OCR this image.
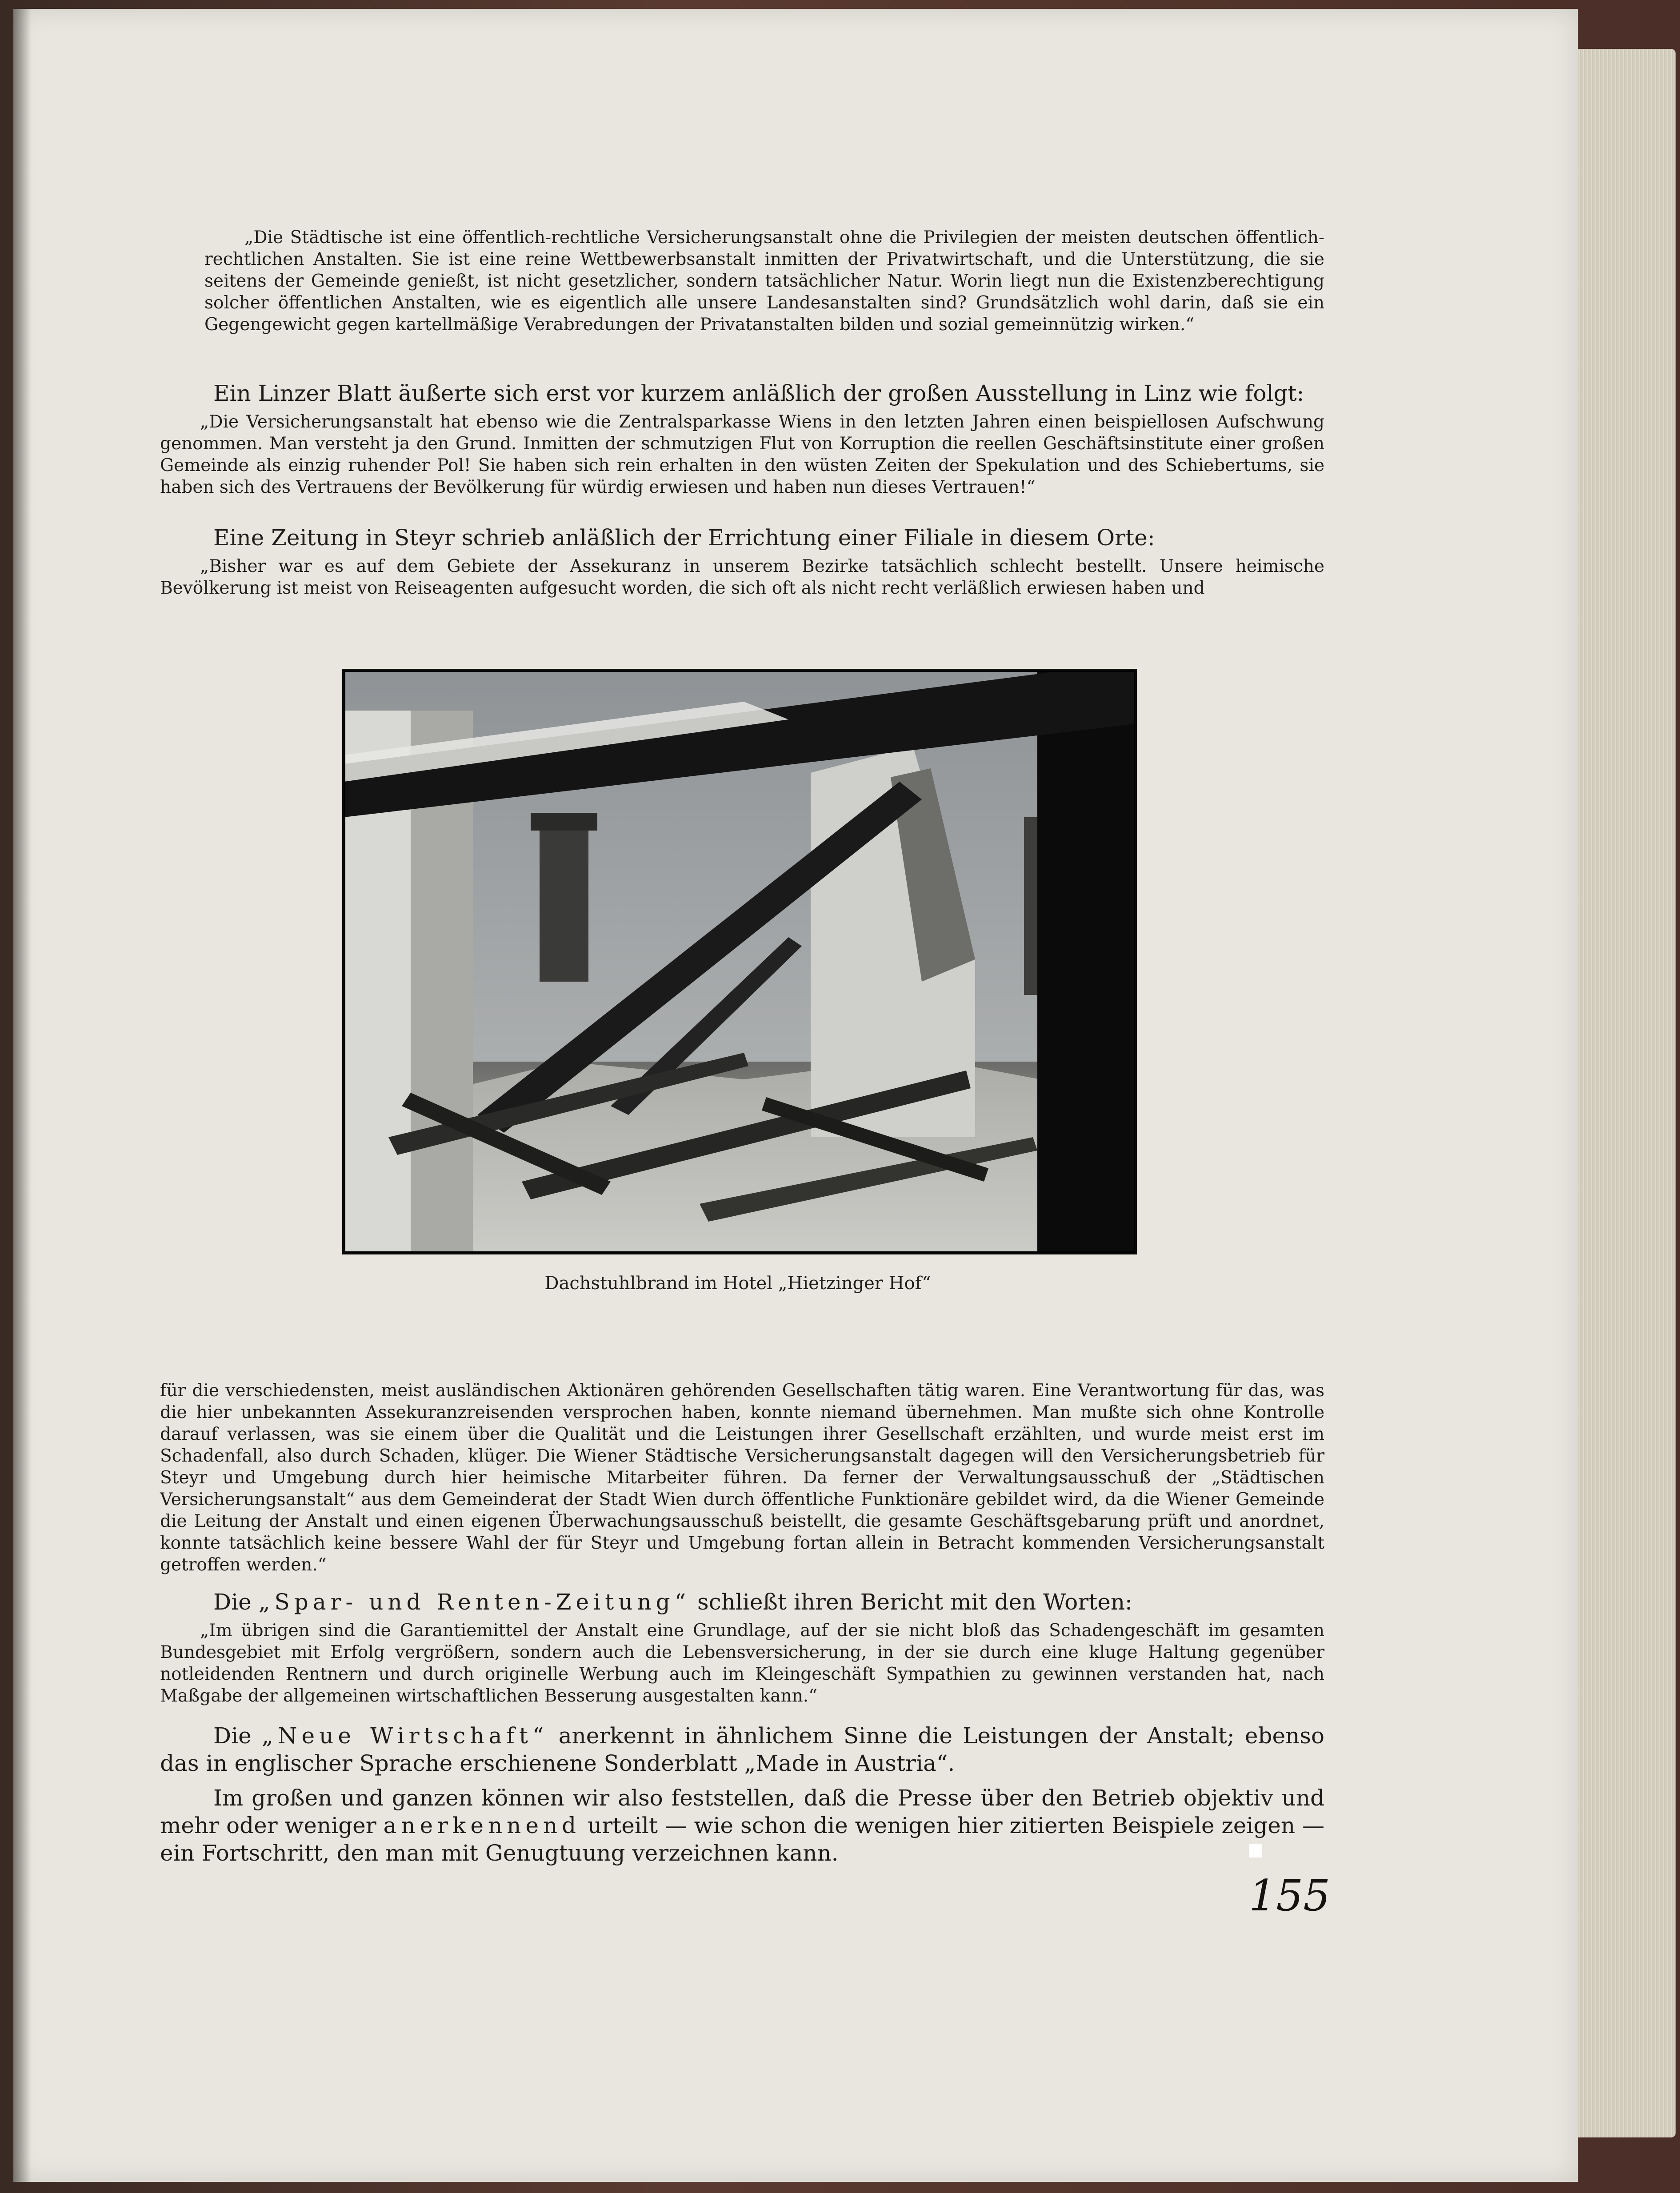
„Die Städtische ist eine öffentlich-rechtliche Versicherungsanstalt ohne die Privilegien der meisten deutschen öffentlich-rechtlichen Anstalten. Sie ist eine reine Wettbewerbsanstalt inmitten der Privatwirtschaft, und die Unterstützung, die sie seitens der Gemeinde genießt, ist nicht gesetzlicher, sondern tatsächlicher Natur. Worin liegt nun die Existenzberechtigung solcher öffentlichen Anstalten, wie es eigentlich alle unsere Landesanstalten sind? Grundsätzlich wohl darin, daß sie ein Gegengewicht gegen kartellmäßige Verabredungen der Privatanstalten bilden und sozial gemeinnützig wirken.“

Ein Linzer Blatt äußerte sich erst vor kurzem anläßlich der großen Ausstellung in Linz wie folgt:

„Die Versicherungsanstalt hat ebenso wie die Zentralsparkasse Wiens in den letzten Jahren einen beispiellosen Aufschwung genommen. Man versteht ja den Grund. Inmitten der schmutzigen Flut von Korruption die reellen Geschäftsinstitute einer großen Gemeinde als einzig ruhender Pol! Sie haben sich rein erhalten in den wüsten Zeiten der Spekulation und des Schiebertums, sie haben sich des Vertrauens der Bevölkerung für würdig erwiesen und haben nun dieses Vertrauen!“

Eine Zeitung in Steyr schrieb anläßlich der Errichtung einer Filiale in diesem Orte:

„Bisher war es auf dem Gebiete der Assekuranz in unserem Bezirke tatsächlich schlecht bestellt. Unsere heimische Bevölkerung ist meist von Reiseagenten aufgesucht worden, die sich oft als nicht recht verläßlich erwiesen haben und

Dachstuhlbrand im Hotel „Hietzinger Hof“

für die verschiedensten, meist ausländischen Aktionären gehörenden Gesellschaften tätig waren. Eine Verantwortung für das, was die hier unbekannten Assekuranzreisenden versprochen haben, konnte niemand übernehmen. Man mußte sich ohne Kontrolle darauf verlassen, was sie einem über die Qualität und die Leistungen ihrer Gesellschaft erzählten, und wurde meist erst im Schadenfall, also durch Schaden, klüger. Die Wiener Städtische Versicherungsanstalt dagegen will den Versicherungsbetrieb für Steyr und Umgebung durch hier heimische Mitarbeiter führen. Da ferner der Verwaltungsausschuß der „Städtischen Versicherungsanstalt“ aus dem Gemeinderat der Stadt Wien durch öffentliche Funktionäre gebildet wird, da die Wiener Gemeinde die Leitung der Anstalt und einen eigenen Überwachungsausschuß beistellt, die gesamte Geschäftsgebarung prüft und anordnet, konnte tatsächlich keine bessere Wahl der für Steyr und Umgebung fortan allein in Betracht kommenden Versicherungsanstalt getroffen werden.“

Die „Spar- und Renten-Zeitung“ schließt ihren Bericht mit den Worten:

„Im übrigen sind die Garantiemittel der Anstalt eine Grundlage, auf der sie nicht bloß das Schadengeschäft im gesamten Bundesgebiet mit Erfolg vergrößern, sondern auch die Lebensversicherung, in der sie durch eine kluge Haltung gegenüber notleidenden Rentnern und durch originelle Werbung auch im Kleingeschäft Sympathien zu gewinnen verstanden hat, nach Maßgabe der allgemeinen wirtschaftlichen Besserung ausgestalten kann.“

Die „Neue Wirtschaft“ anerkennt in ähnlichem Sinne die Leistungen der Anstalt; ebenso das in englischer Sprache erschienene Sonderblatt „Made in Austria“.

Im großen und ganzen können wir also feststellen, daß die Presse über den Betrieb objektiv und mehr oder weniger anerkennend urteilt — wie schon die wenigen hier zitierten Beispiele zeigen — ein Fortschritt, den man mit Genugtuung verzeichnen kann.

155
